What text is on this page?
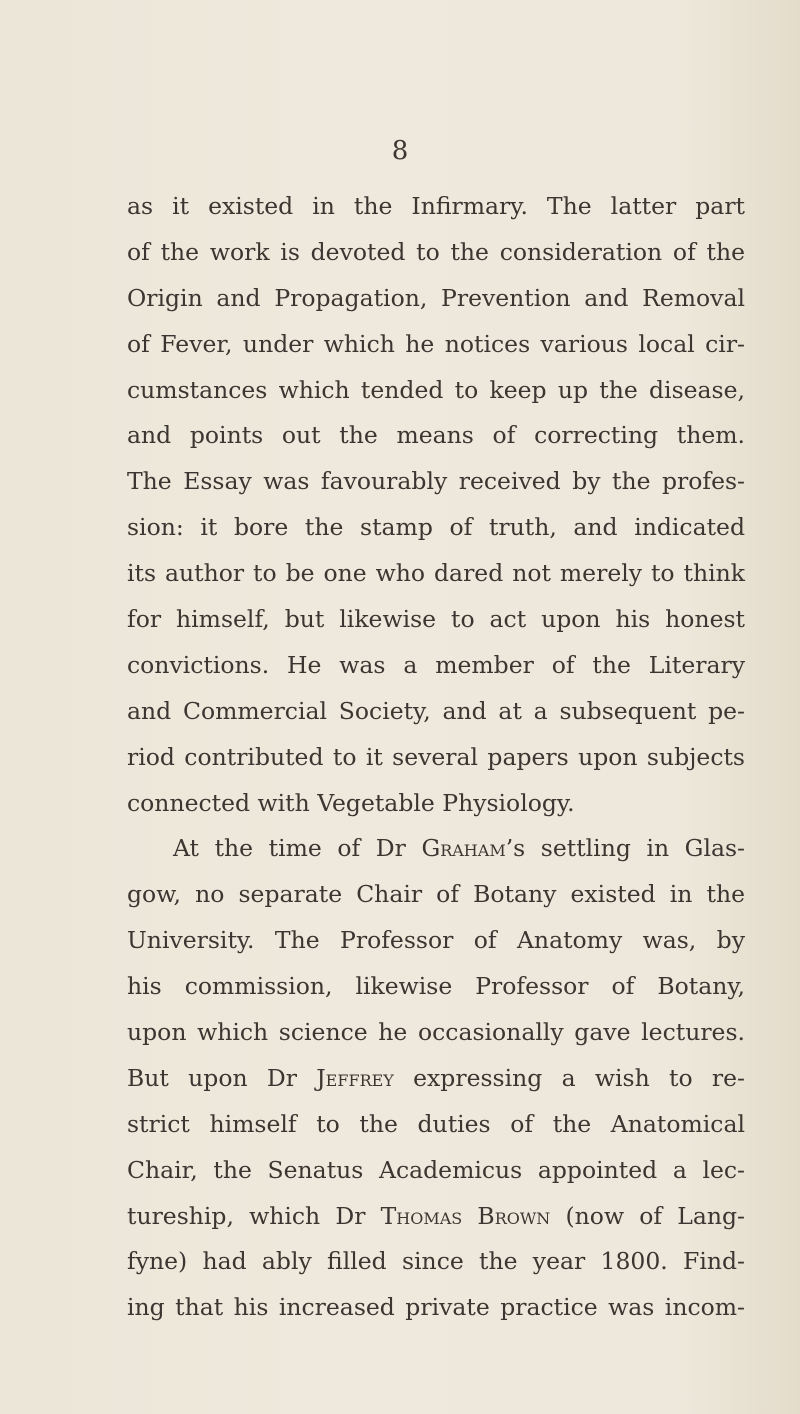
8
as it existed in the Infirmary. The latter part
of the work is devoted to the consideration of the
Origin and Propagation, Prevention and Removal
of Fever, under which he notices various local cir-
cumstances which tended to keep up the disease,
and points out the means of correcting them.
The Essay was favourably received by the profes-
sion: it bore the stamp of truth, and indicated
its author to be one who dared not merely to think
for himself, but likewise to act upon his honest
convictions. He was a member of the Literary
and Commercial Society, and at a subsequent pe-
riod contributed to it several papers upon subjects
connected with Vegetable Physiology.
At the time of Dr Graham’s settling in Glas-
gow, no separate Chair of Botany existed in the
University. The Professor of Anatomy was, by
his commission, likewise Professor of Botany,
upon which science he occasionally gave lectures.
But upon Dr Jeffrey expressing a wish to re-
strict himself to the duties of the Anatomical
Chair, the Senatus Academicus appointed a lec-
tureship, which Dr Thomas Brown (now of Lang-
fyne) had ably filled since the year 1800. Find-
ing that his increased private practice was incom-
